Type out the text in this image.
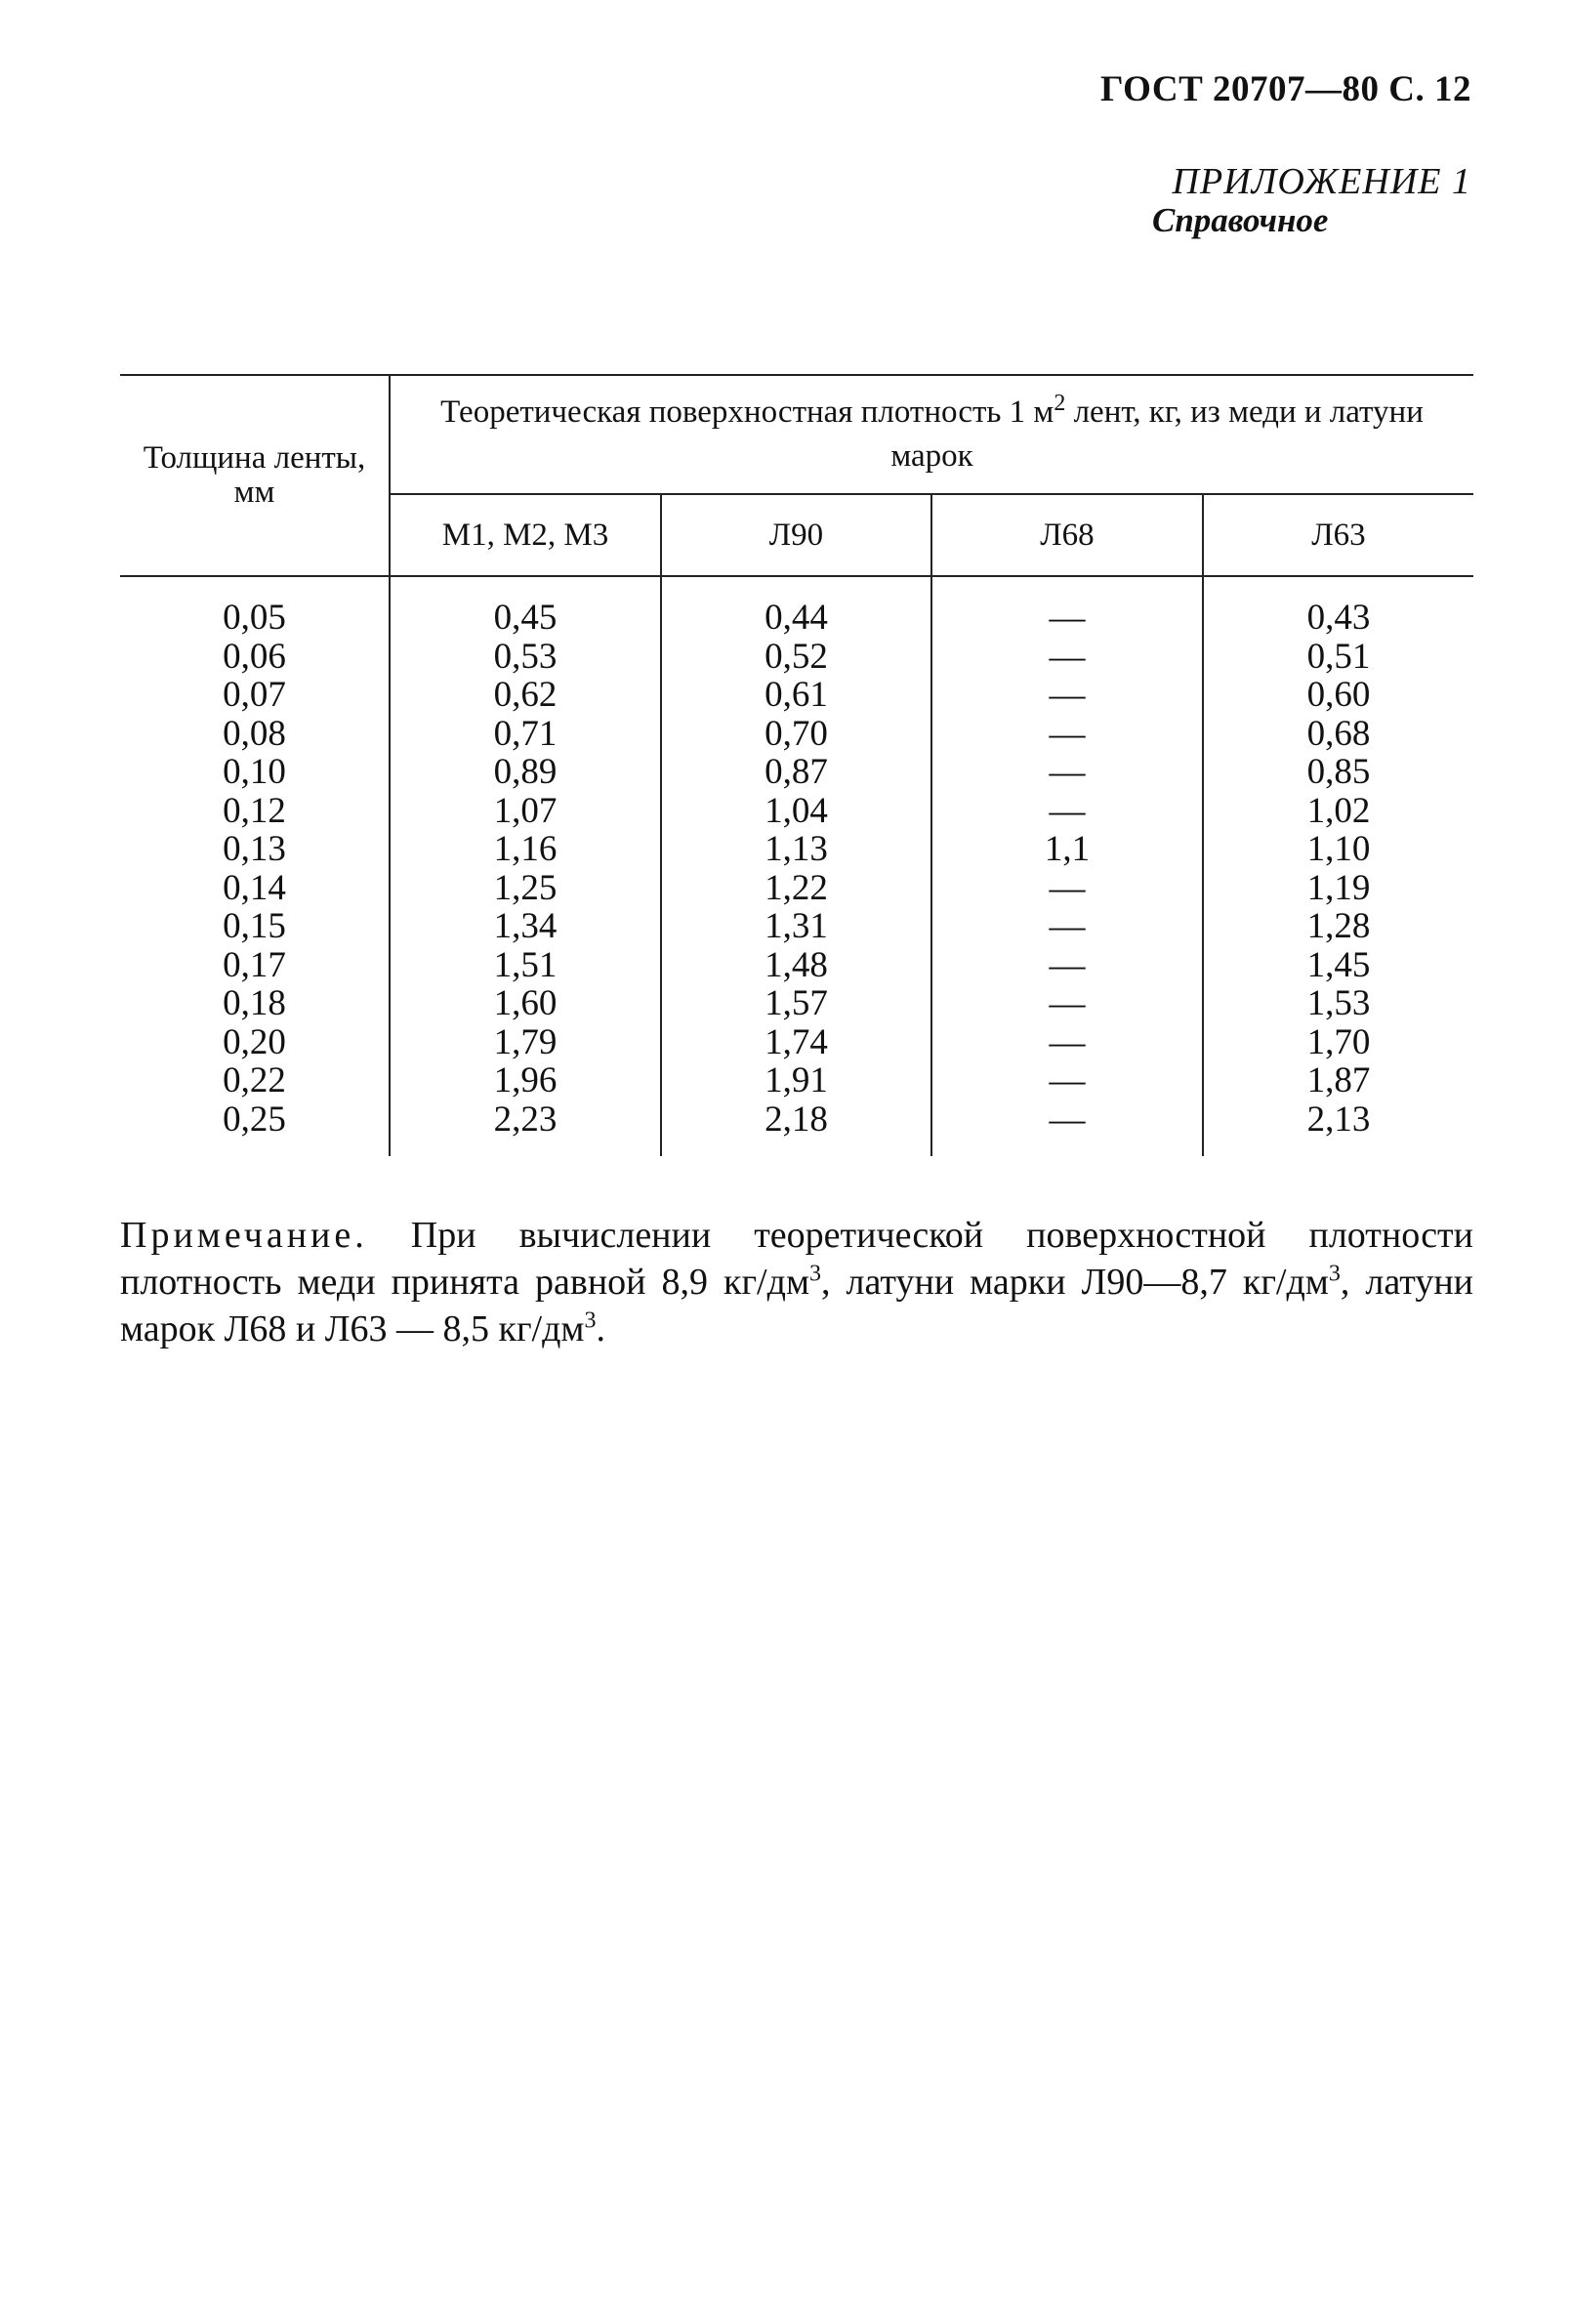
ГОСТ 20707—80 С. 12
ПРИЛОЖЕНИЕ 1
Справочное
Толщина ленты, мм	Теоретическая поверхностная плотность 1 $м^2$ лент, кг, из меди и латуни марок			
	М1, М2, М3	Л90	Л68	Л63
0,05	0,45	0,44	—	0,43
0,06	0,53	0,52	—	0,51
0,07	0,62	0,61	—	0,60
0,08	0,71	0,70	—	0,68
0,10	0,89	0,87	—	0,85
0,12	1,07	1,04	—	1,02
0,13	1,16	1,13	1,1	1,10
0,14	1,25	1,22	—	1,19
0,15	1,34	1,31	—	1,28
0,17	1,51	1,48	—	1,45
0,18	1,60	1,57	—	1,53
0,20	1,79	1,74	—	1,70
0,22	1,96	1,91	—	1,87
0,25	2,23	2,18	—	2,13

Примечание. При вычислении теоретической поверхностной плотности плотность меди принята равной 8,9 $кг/дм^3$, латуни марки Л90—8,7 $кг/дм^3$, латуни марок Л68 и Л63 — 8,5 $кг/дм^3$.
